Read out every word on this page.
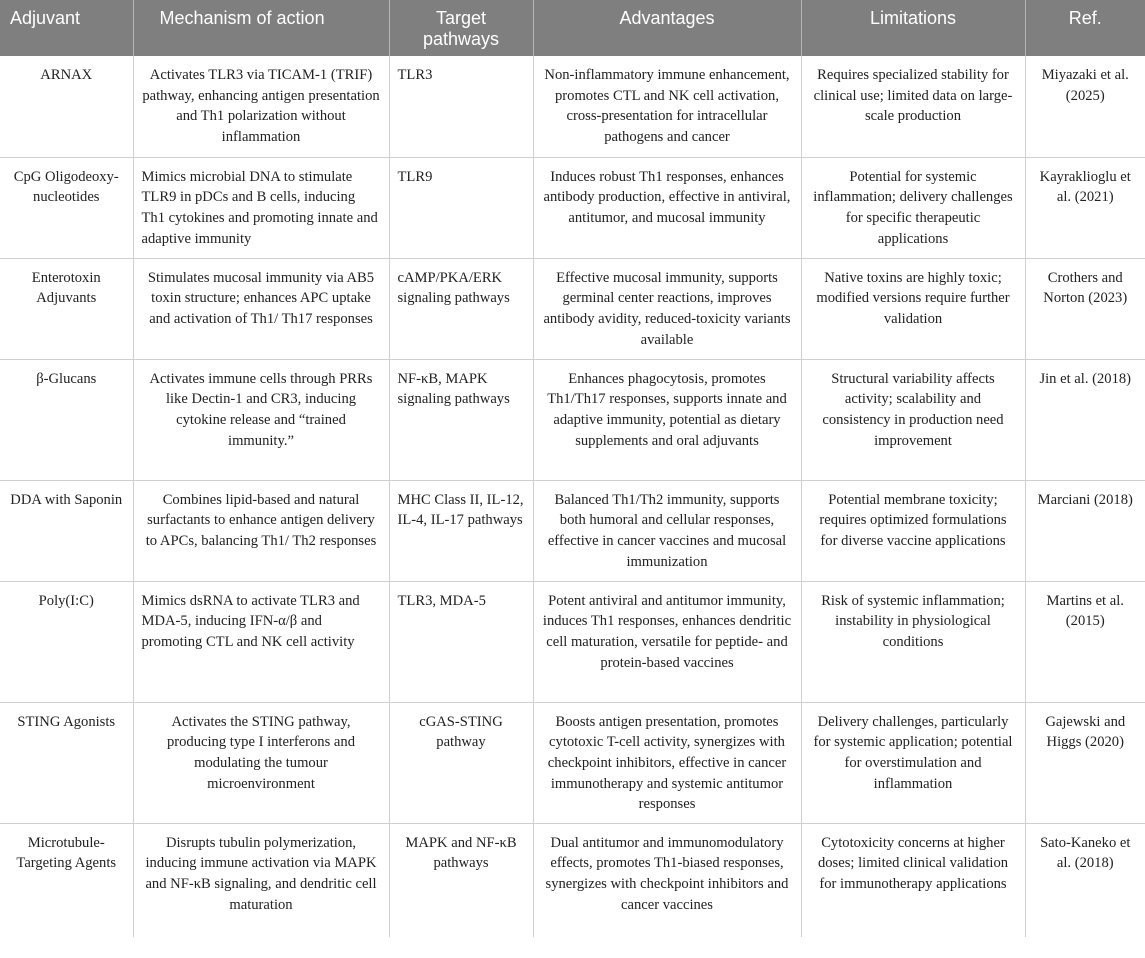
Adjuvant	Mechanism of action	Target pathways	Advantages	Limitations	Ref.
ARNAX	Activates TLR3 via TICAM-1 (TRIF) pathway, enhancing antigen presentation and Th1 polarization without inflammation	TLR3	Non-inflammatory immune enhancement, promotes CTL and NK cell activation, cross-presentation for intracellular pathogens and cancer	Requires specialized stability for clinical use; limited data on large-scale production	Miyazaki et al. (2025)
CpG Oligodeoxy-nucleotides	Mimics microbial DNA to stimulate TLR9 in pDCs and B cells, inducing Th1 cytokines and promoting innate and adaptive immunity	TLR9	Induces robust Th1 responses, enhances antibody production, effective in antiviral, antitumor, and mucosal immunity	Potential for systemic inflammation; delivery challenges for specific therapeutic applications	Kayraklioglu et al. (2021)
Enterotoxin Adjuvants	Stimulates mucosal immunity via AB5 toxin structure; enhances APC uptake and activation of Th1/ Th17 responses	cAMP/PKA/ERK signaling pathways	Effective mucosal immunity, supports germinal center reactions, improves antibody avidity, reduced-toxicity variants available	Native toxins are highly toxic; modified versions require further validation	Crothers and Norton (2023)
β-Glucans	Activates immune cells through PRRs like Dectin-1 and CR3, inducing cytokine release and “trained immunity.”	NF-κB, MAPK signaling pathways	Enhances phagocytosis, promotes Th1/Th17 responses, supports innate and adaptive immunity, potential as dietary supplements and oral adjuvants	Structural variability affects activity; scalability and consistency in production need improvement	Jin et al. (2018)
DDA with Saponin	Combines lipid-based and natural surfactants to enhance antigen delivery to APCs, balancing Th1/ Th2 responses	MHC Class II, IL-12, IL-4, IL-17 pathways	Balanced Th1/Th2 immunity, supports both humoral and cellular responses, effective in cancer vaccines and mucosal immunization	Potential membrane toxicity; requires optimized formulations for diverse vaccine applications	Marciani (2018)
Poly(I:C)	Mimics dsRNA to activate TLR3 and MDA-5, inducing IFN-α/β and promoting CTL and NK cell activity	TLR3, MDA-5	Potent antiviral and antitumor immunity, induces Th1 responses, enhances dendritic cell maturation, versatile for peptide- and protein-based vaccines	Risk of systemic inflammation; instability in physiological conditions	Martins et al. (2015)
STING Agonists	Activates the STING pathway, producing type I interferons and modulating the tumour microenvironment	cGAS-STING pathway	Boosts antigen presentation, promotes cytotoxic T-cell activity, synergizes with checkpoint inhibitors, effective in cancer immunotherapy and systemic antitumor responses	Delivery challenges, particularly for systemic application; potential for overstimulation and inflammation	Gajewski and Higgs (2020)
Microtubule-Targeting Agents	Disrupts tubulin polymerization, inducing immune activation via MAPK and NF-κB signaling, and dendritic cell maturation	MAPK and NF-κB pathways	Dual antitumor and immunomodulatory effects, promotes Th1-biased responses, synergizes with checkpoint inhibitors and cancer vaccines	Cytotoxicity concerns at higher doses; limited clinical validation for immunotherapy applications	Sato-Kaneko et al. (2018)
